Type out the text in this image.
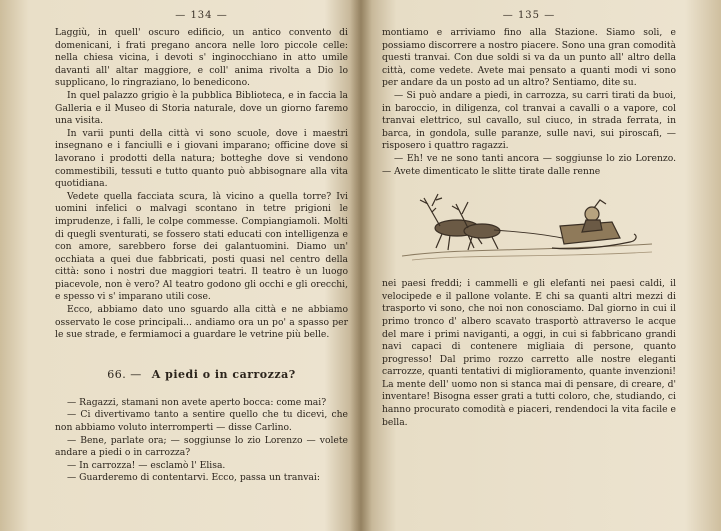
— 134 —

Laggiù, in quell' oscuro edificio, un antico convento di domenicani, i frati pregano ancora nelle loro piccole celle: nella chiesa vicina, i devoti s' inginocchiano in atto umile davanti all' altar maggiore, e coll' anima rivolta a Dio lo supplicano, lo ringraziano, lo benedicono.

In quel palazzo grigio è la pubblica Biblioteca, e in faccia la Galleria e il Museo di Storia naturale, dove un giorno faremo una visita.

In varii punti della città vi sono scuole, dove i maestri insegnano e i fanciulli e i giovani imparano; officine dove si lavorano i prodotti della natura; botteghe dove si vendono commestibili, tessuti e tutto quanto può abbisognare alla vita quotidiana.

Vedete quella facciata scura, là vicino a quella torre? Ivi uomini infelici o malvagi scontano in tetre prigioni le imprudenze, i falli, le colpe commesse. Compiangiamoli. Molti di quegli sventurati, se fossero stati educati con intelligenza e con amore, sarebbero forse dei galantuomini. Diamo un' occhiata a quei due fabbricati, posti quasi nel centro della città: sono i nostri due maggiori teatri. Il teatro è un luogo piacevole, non è vero? Al teatro godono gli occhi e gli orecchi, e spesso vi s' imparano utili cose.

Ecco, abbiamo dato uno sguardo alla città e ne abbiamo osservato le cose principali... andiamo ora un po' a spasso per le sue strade, e fermiamoci a guardare le vetrine più belle.

66. — A piedi o in carrozza?

— Ragazzi, stamani non avete aperto bocca: come mai?

— Ci divertivamo tanto a sentire quello che tu dicevi, che non abbiamo voluto interromperti — disse Carlino.

— Bene, parlate ora; — soggiunse lo zio Lorenzo — volete andare a piedi o in carrozza?

— In carrozza! — esclamò l' Elisa.

— Guarderemo di contentarvi. Ecco, passa un tranvai:

— 135 —

montiamo e arriviamo fino alla Stazione. Siamo soli, e possiamo discorrere a nostro piacere. Sono una gran comodità questi tranvai. Con due soldi si va da un punto all' altro della città, come vedete. Avete mai pensato a quanti modi vi sono per andare da un posto ad un altro? Sentiamo, dite su.

— Si può andare a piedi, in carrozza, su carri tirati da buoi, in baroccio, in diligenza, col tranvai a cavalli o a vapore, col tranvai elettrico, sul cavallo, sul ciuco, in strada ferrata, in barca, in gondola, sulle paranze, sulle navi, sui piroscafi, — risposero i quattro ragazzi.

— Eh! ve ne sono tanti ancora — soggiunse lo zio Lorenzo. — Avete dimenticato le slitte tirate dalle renne

nei paesi freddi; i cammelli e gli elefanti nei paesi caldi, il velocipede e il pallone volante. E chi sa quanti altri mezzi di trasporto vi sono, che noi non conosciamo. Dal giorno in cui il primo tronco d' albero scavato trasportò attraverso le acque del mare i primi naviganti, a oggi, in cui si fabbricano grandi navi capaci di contenere migliaia di persone, quanto progresso! Dal primo rozzo carretto alle nostre eleganti carrozze, quanti tentativi di miglioramento, quante invenzioni! La mente dell' uomo non si stanca mai di pensare, di creare, d' inventare! Bisogna esser grati a tutti coloro, che, studiando, ci hanno procurato comodità e piaceri, rendendoci la vita facile e bella.
